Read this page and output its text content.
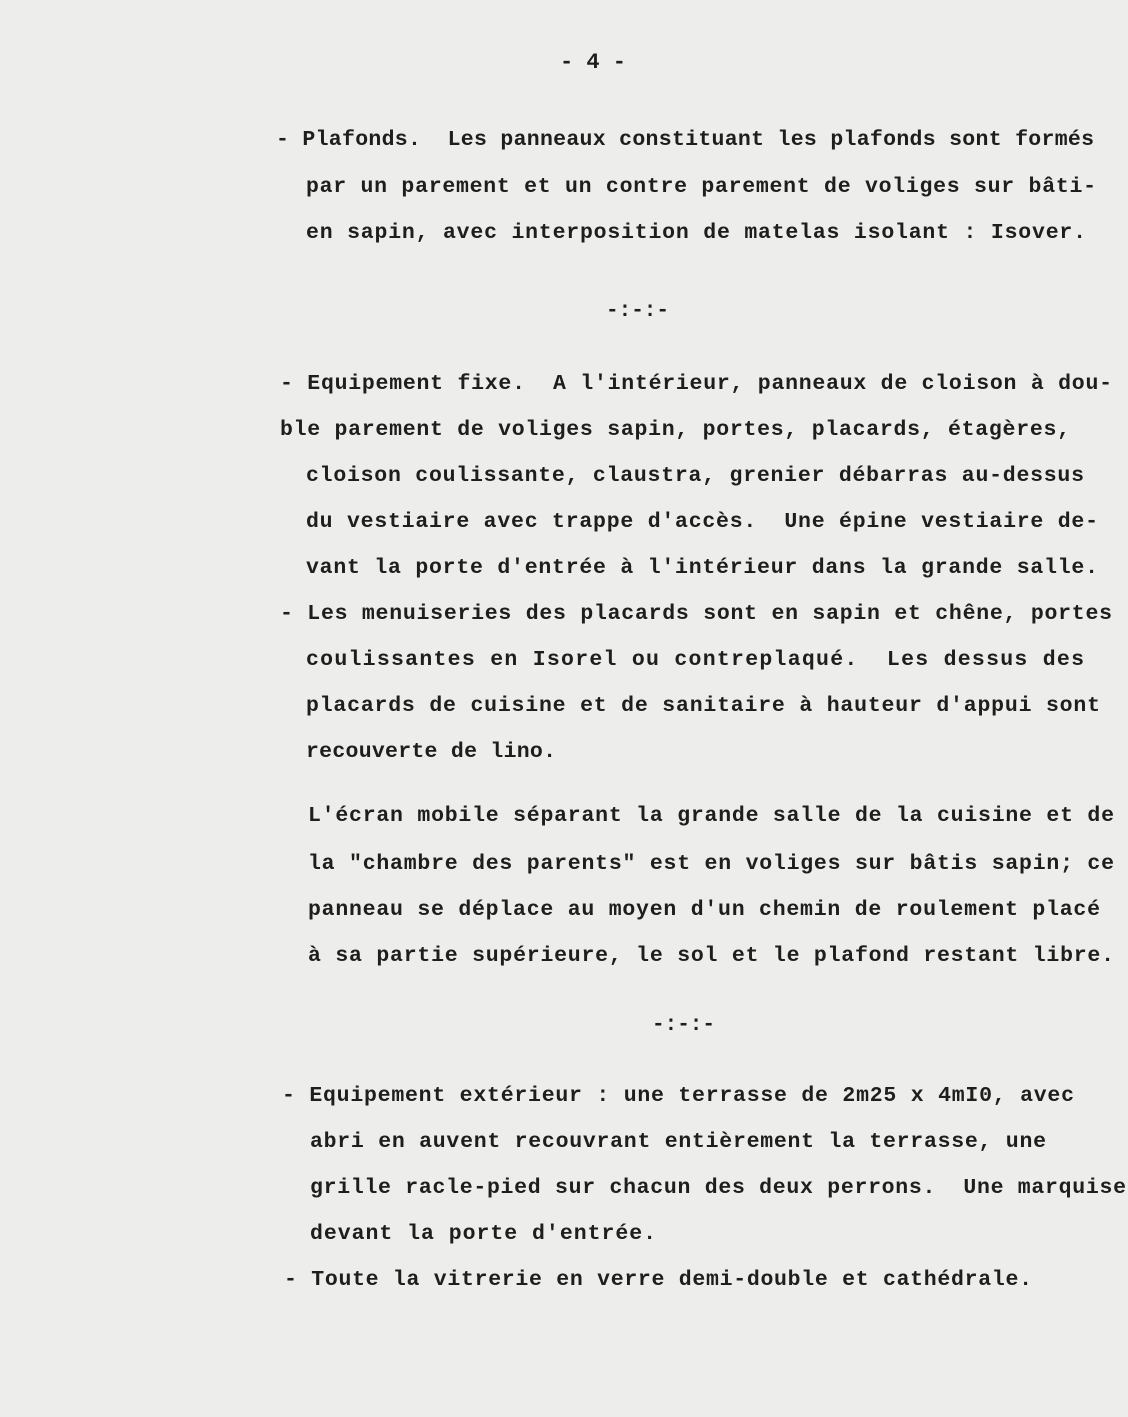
- 4 -

- Plafonds.  Les panneaux constituant les plafonds sont formés

par un parement et un contre parement de voliges sur bâti-

en sapin, avec interposition de matelas isolant : Isover.

-:-:-

- Equipement fixe.  A l'intérieur, panneaux de cloison à dou-

ble parement de voliges sapin, portes, placards, étagères,

cloison coulissante, claustra, grenier débarras au-dessus

du vestiaire avec trappe d'accès.  Une épine vestiaire de-

vant la porte d'entrée à l'intérieur dans la grande salle.

- Les menuiseries des placards sont en sapin et chêne, portes

coulissantes en Isorel ou contreplaqué.  Les dessus des

placards de cuisine et de sanitaire à hauteur d'appui sont

recouverte de lino.

L'écran mobile séparant la grande salle de la cuisine et de

la "chambre des parents" est en voliges sur bâtis sapin; ce

panneau se déplace au moyen d'un chemin de roulement placé

à sa partie supérieure, le sol et le plafond restant libre.

-:-:-

- Equipement extérieur : une terrasse de 2m25 x 4mI0, avec

abri en auvent recouvrant entièrement la terrasse, une

grille racle-pied sur chacun des deux perrons.  Une marquise

devant la porte d'entrée.

- Toute la vitrerie en verre demi-double et cathédrale.
